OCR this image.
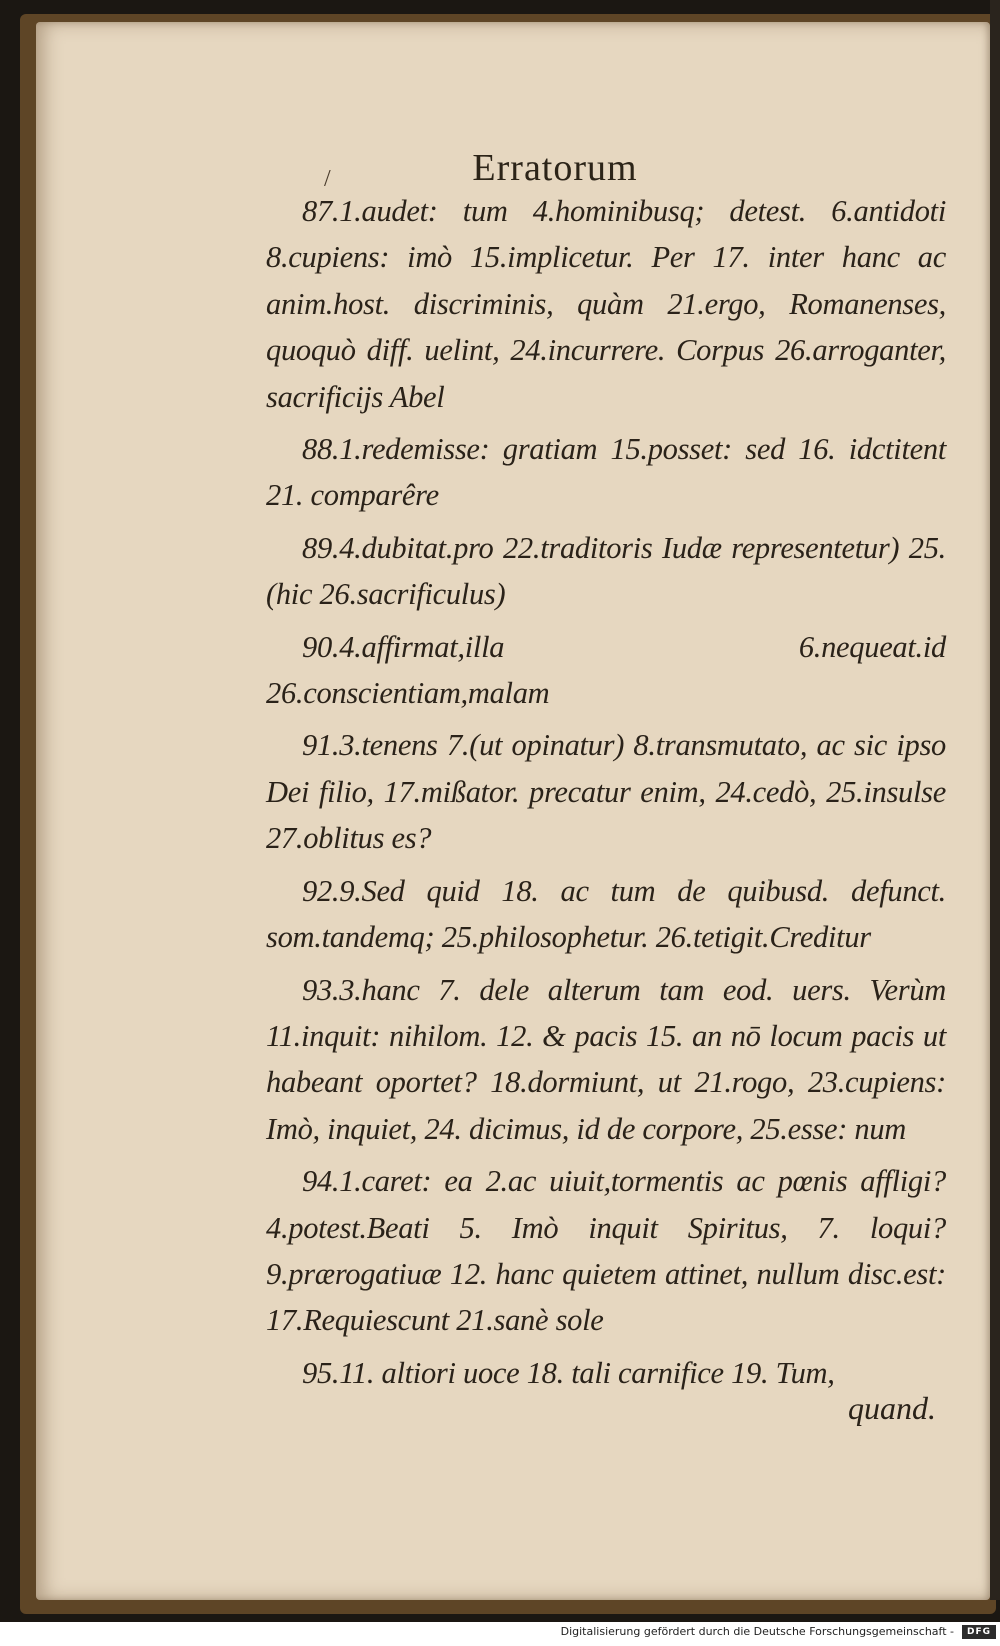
Erratorum
/

87.1.audet: tum 4.hominibusq; detest. 6.antidoti 8.cupiens: imò 15.implicetur. Per 17. inter hanc ac anim.host. discriminis, quàm 21.ergo, Romanenses, quoquò diff. uelint, 24.incurrere. Corpus 26.arroganter, sacrificijs Abel

88.1.redemisse: gratiam 15.posset: sed 16. idctitent 21. comparêre

89.4.dubitat.pro 22.traditoris Iudæ representetur) 25.(hic 26.sacrificulus)

90.4.affirmat,illa 6.nequeat.id 26.conscientiam,malam

91.3.tenens 7.(ut opinatur) 8.transmutato, ac sic ipso Dei filio, 17.mißator. precatur enim, 24.cedò, 25.insulse 27.oblitus es?

92.9.Sed quid 18. ac tum de quibusd. defunct. som.tandemq; 25.philosophetur. 26.tetigit.Creditur

93.3.hanc 7. dele alterum tam eod. uers. Verùm 11.inquit: nihilom. 12. & pacis 15. an nō locum pacis ut habeant oportet? 18.dormiunt, ut 21.rogo, 23.cupiens: Imò, inquiet, 24. dicimus, id de corpore, 25.esse: num

94.1.caret: ea 2.ac uiuit,tormentis ac pœnis affligi? 4.potest.Beati 5. Imò inquit Spiritus, 7. loqui? 9.prærogatiuæ 12. hanc quietem attinet, nullum disc.est: 17.Requiescunt 21.sanè sole

95.11. altiori uoce 18. tali carnifice 19. Tum,

quand.
Digitalisierung gefördert durch die Deutsche Forschungsgemeinschaft -	DFG
